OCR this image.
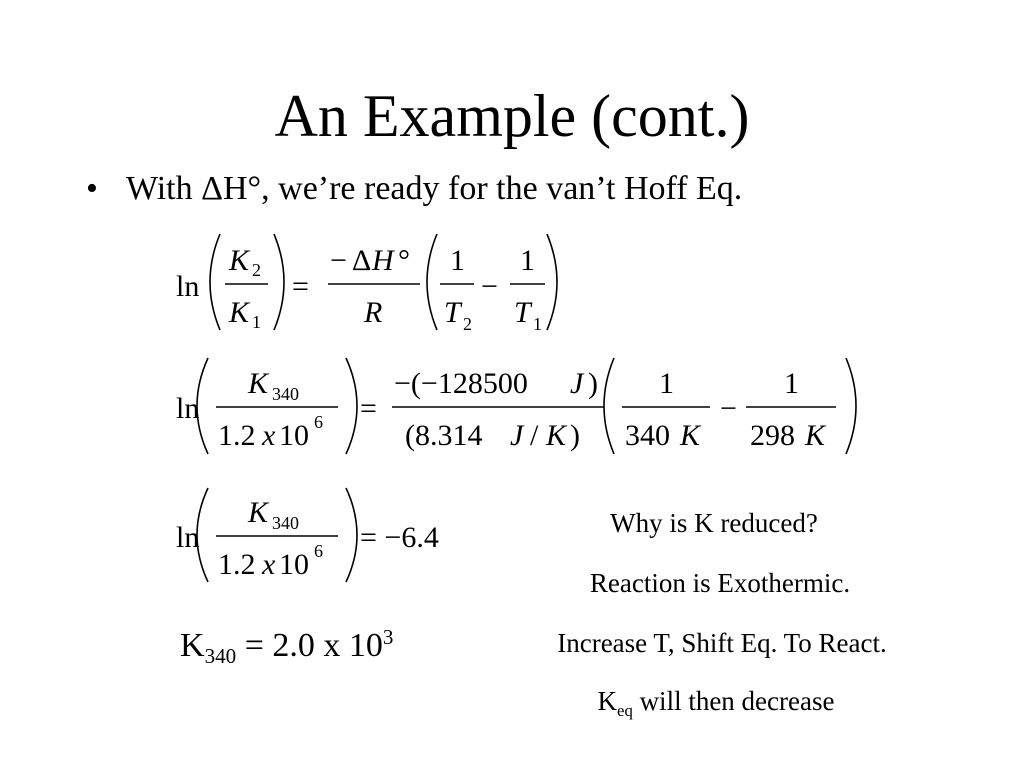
An Example (cont.)
• With ΔH°, we’re ready for the van’t Hoff Eq.
ln
K 2
K 1
=
− Δ H °
R
1
T 2
−
1
T 1
ln
K 340
1.2 x 10 6 =
−(−128500 J )
(8.314 J / K )
1
340 K
−
1
298 K
ln
K 340
1.2 x 10 6 = −6.4
$K_{340} = 2.0$ x $10^3$
Why is K reduced?
Reaction is Exothermic.
Increase T, Shift Eq. To React.
$K_{eq}$ will then decrease
